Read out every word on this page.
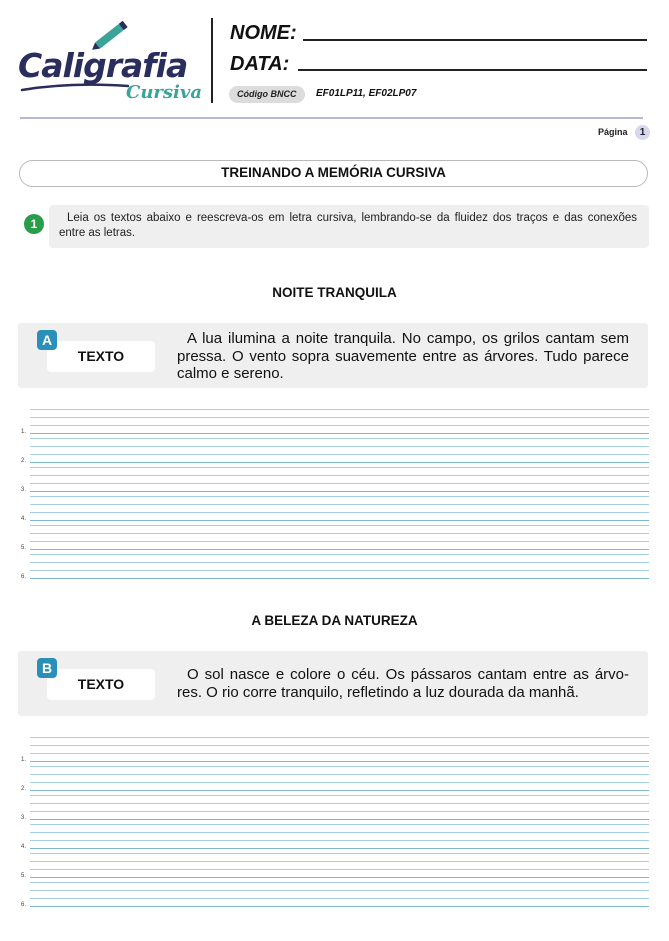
Caligrafia
Cursiva
NOME:
DATA:
Código BNCC	EF01LP11, EF02LP07
Página	1
TREINANDO A MEMÓRIA CURSIVA
1	Leia os textos abaixo e reescreva-os em letra cursiva, lembrando-se da fluidez dos traços e das conexões entre as letras.
NOITE TRANQUILA
TEXTO
A	A lua ilumina a noite tranquila. No campo, os grilos cantam sem pressa. O vento sopra suavemente entre as árvores. Tudo parece calmo e sereno.
1.
2.
3.
4.
5.
6.
A BELEZA DA NATUREZA
TEXTO
B	O sol nasce e colore o céu. Os pássaros cantam entre as árvo-res. O rio corre tranquilo, refletindo a luz dourada da manhã.
1.
2.
3.
4.
5.
6.
